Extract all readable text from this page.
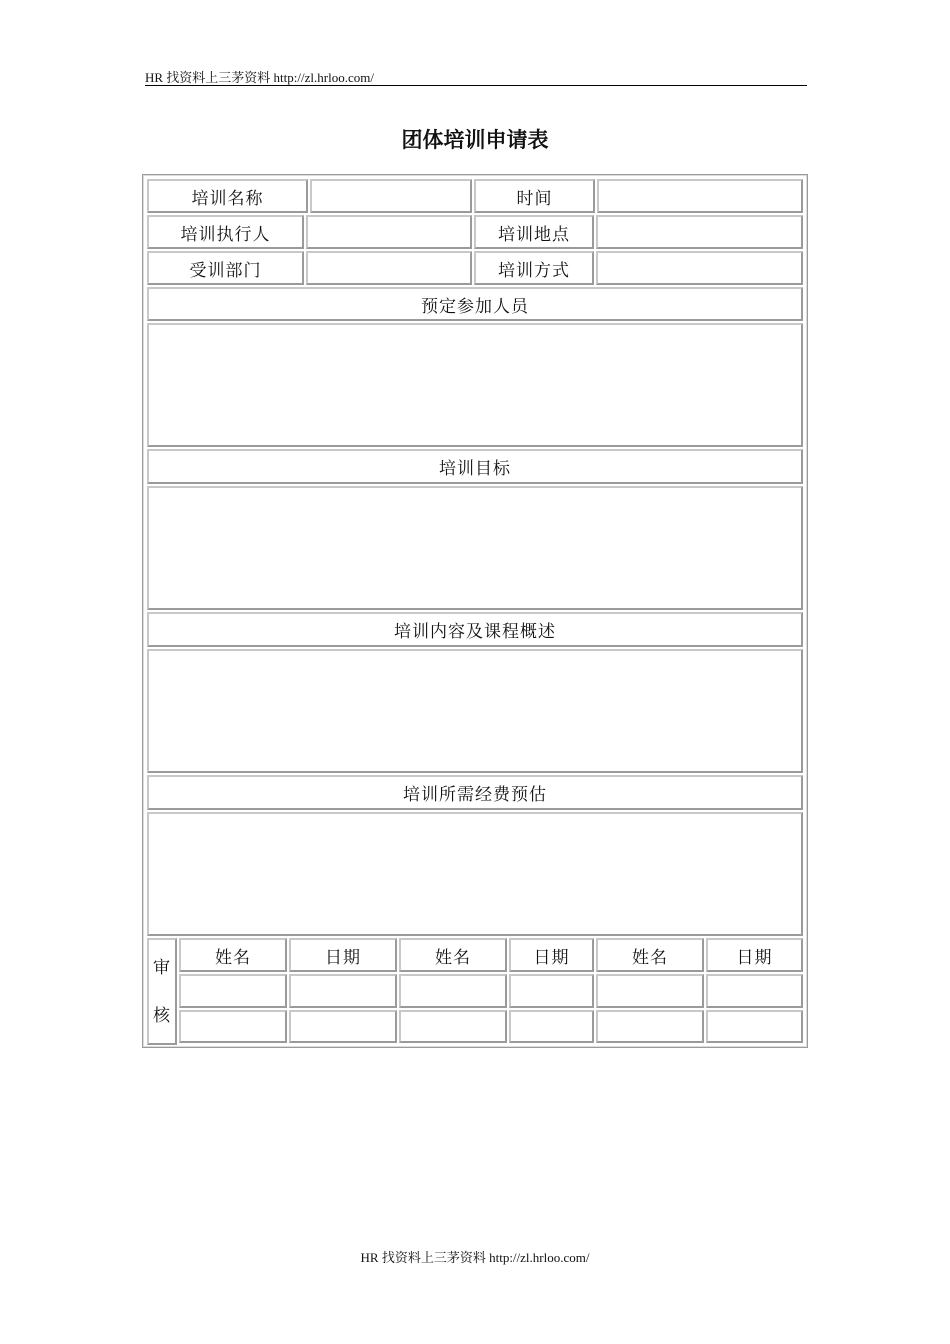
HR 找资料上三茅资料 http://zl.hrloo.com/
团体培训申请表
培训名称	时间
培训执行人	培训地点
受训部门	培训方式
预定参加人员
培训目标
培训内容及课程概述
培训所需经费预估
审
核
姓名	日期	姓名	日期	姓名	日期
HR 找资料上三茅资料 http://zl.hrloo.com/
